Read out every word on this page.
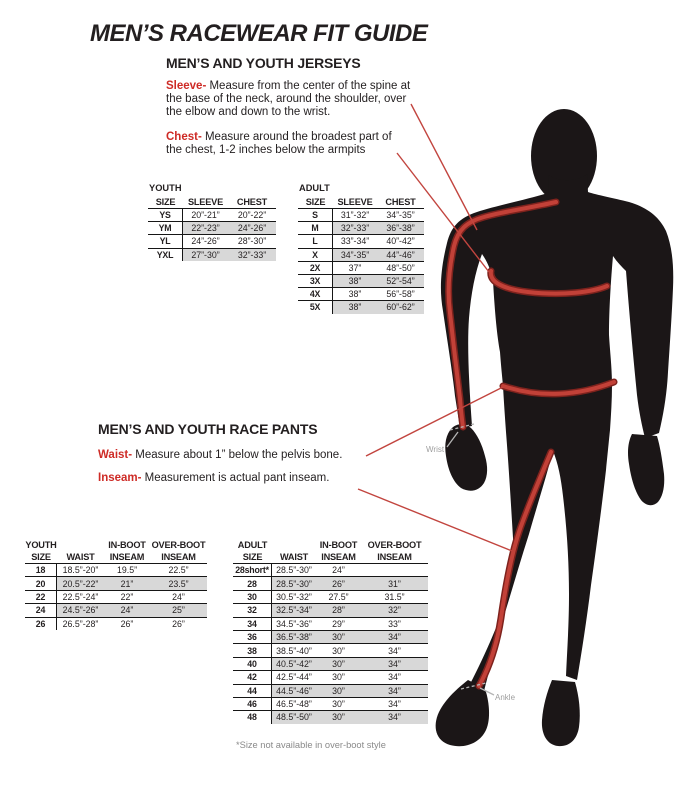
Wrist
Ankle
MEN’S RACEWEAR FIT GUIDE
MEN’S AND YOUTH JERSEYS
Sleeve- Measure from the center of the spine at the base of the neck, around the shoulder, over the elbow and down to the wrist.
Chest- Measure around the broadest part of the chest, 1-2 inches below the armpits
MEN’S AND YOUTH RACE PANTS
Waist- Measure about 1” below the pelvis bone.
Inseam- Measurement is actual pant inseam.
YOUTH
SIZE	SLEEVE	CHEST
YS	20”-21”	20”-22”
YM	22”-23”	24”-26”
YL	24”-26”	28”-30”
YXL	27”-30”	32”-33”
ADULT
SIZE	SLEEVE	CHEST
S	31”-32”	34”-35”
M	32”-33”	36”-38”
L	33”-34”	40”-42”
X	34”-35”	44”-46”
2X	37”	48”-50”
3X	38”	52”-54”
4X	38”	56”-58”
5X	38”	60”-62”
YOUTH	IN-BOOT OVER-BOOT
SIZE	WAIST	INSEAM	INSEAM
18	18.5”-20”	19.5”	22.5”
20	20.5”-22”	21”	23.5”
22	22.5”-24”	22”	24”
24	24.5”-26”	24”	25”
26	26.5”-28”	26”	26”
ADULT	IN-BOOT	OVER-BOOT
SIZE	WAIST	INSEAM	INSEAM
28short* 28.5”-30”	24”
28	28.5”-30”	26”	31”
30	30.5”-32”	27.5”	31.5”
32	32.5”-34”	28”	32”
34	34.5”-36”	29”	33”
36	36.5”-38”	30”	34”
38	38.5”-40”	30”	34”
40	40.5”-42”	30”	34”
42	42.5”-44”	30”	34”
44	44.5”-46”	30”	34”
46	46.5”-48”	30”	34”
48	48.5”-50”	30”	34”
*Size not available in over-boot style
